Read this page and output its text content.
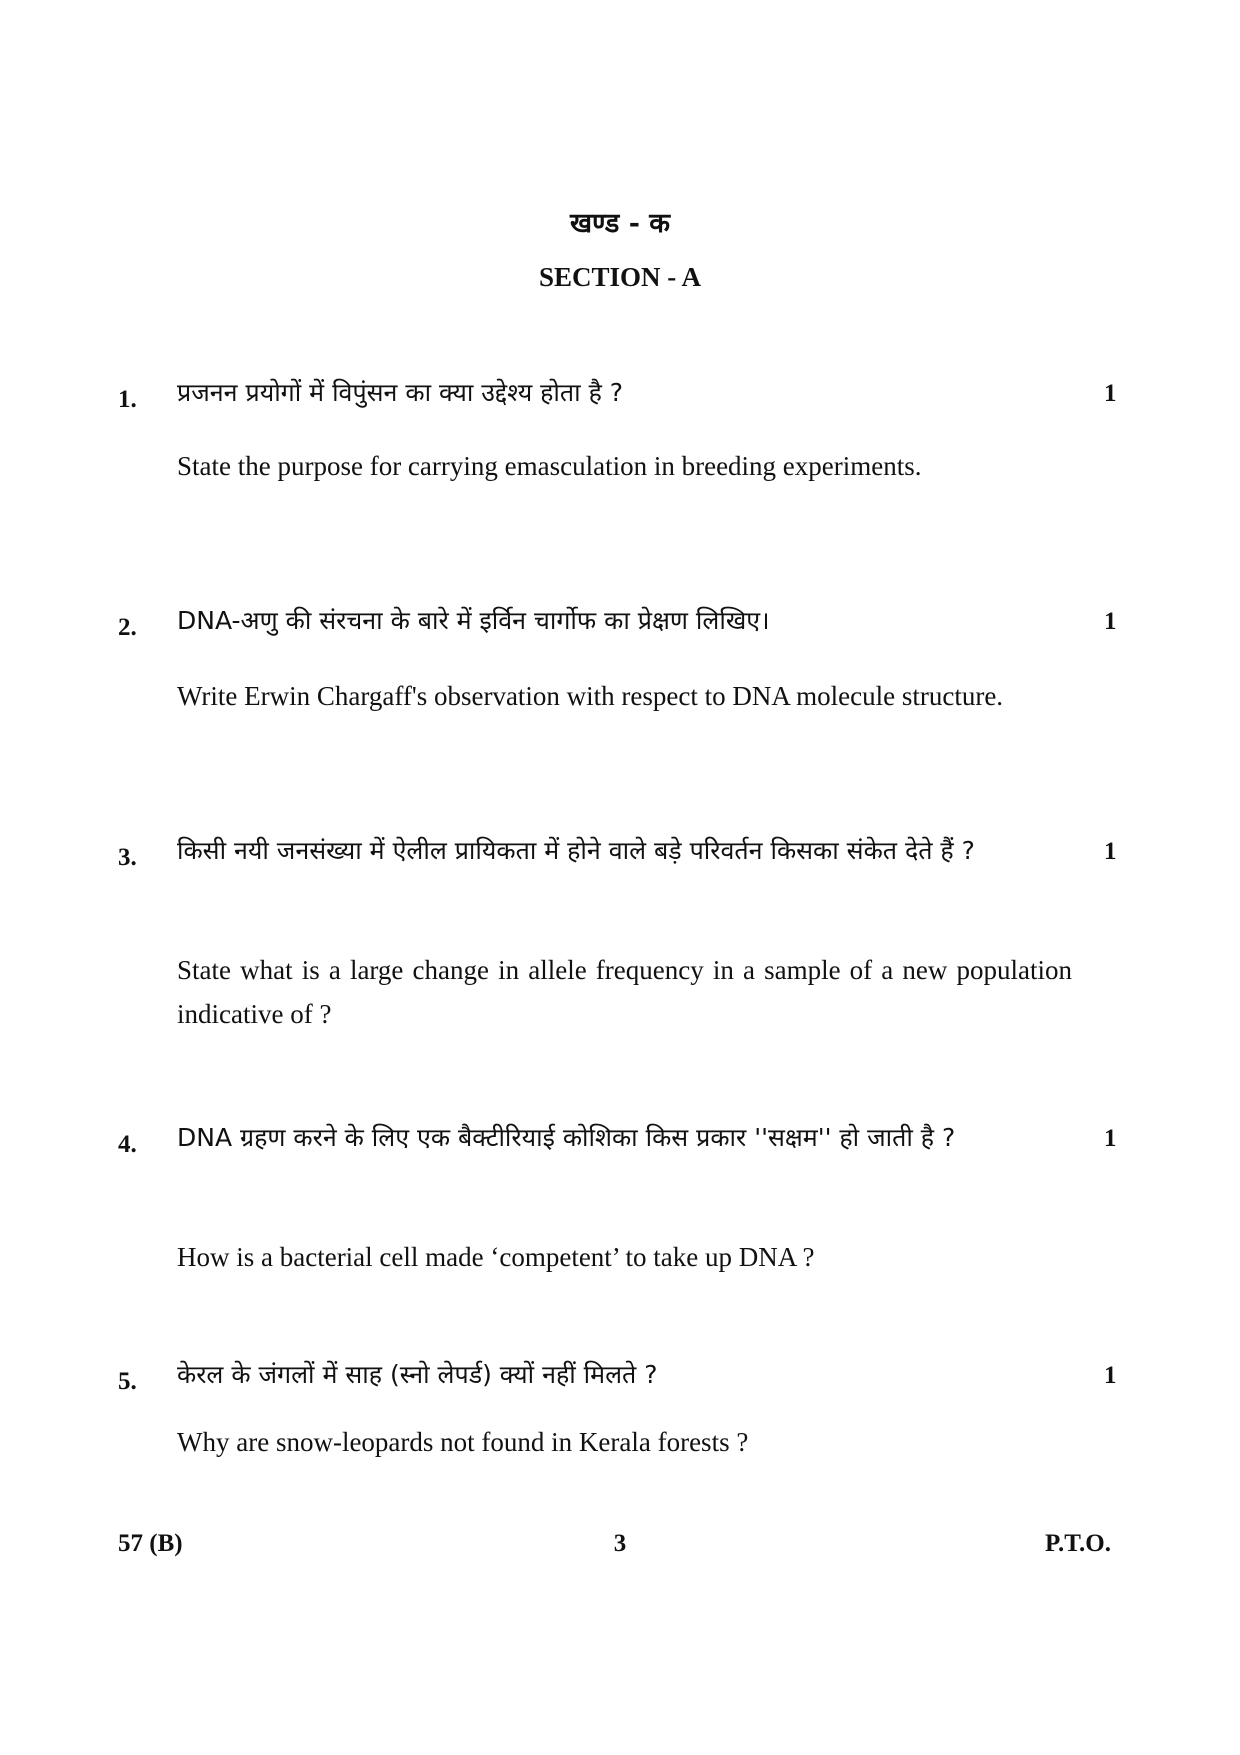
खण्ड - क
SECTION - A
1.	1
प्रजनन प्रयोगों में विपुंसन का क्या उद्देश्य होता है ?
State the purpose for carrying emasculation in breeding experiments.
2.	1
DNA-अणु की संरचना के बारे में इर्विन चार्गोफ का प्रेक्षण लिखिए।
Write Erwin Chargaff's observation with respect to DNA molecule structure.
3.	1
किसी नयी जनसंख्या में ऐलील प्रायिकता में होने वाले बड़े परिवर्तन किसका संकेत देते हैं ?
State what is a large change in allele frequency in a sample of a new population indicative of ?
4.	1
DNA ग्रहण करने के लिए एक बैक्टीरियाई कोशिका किस प्रकार ''सक्षम'' हो जाती है ?
How is a bacterial cell made ‘competent’ to take up DNA ?
5.	1
केरल के जंगलों में साह (स्नो लेपर्ड) क्यों नहीं मिलते ?
Why are snow-leopards not found in Kerala forests ?
57 (B)	3	P.T.O.
